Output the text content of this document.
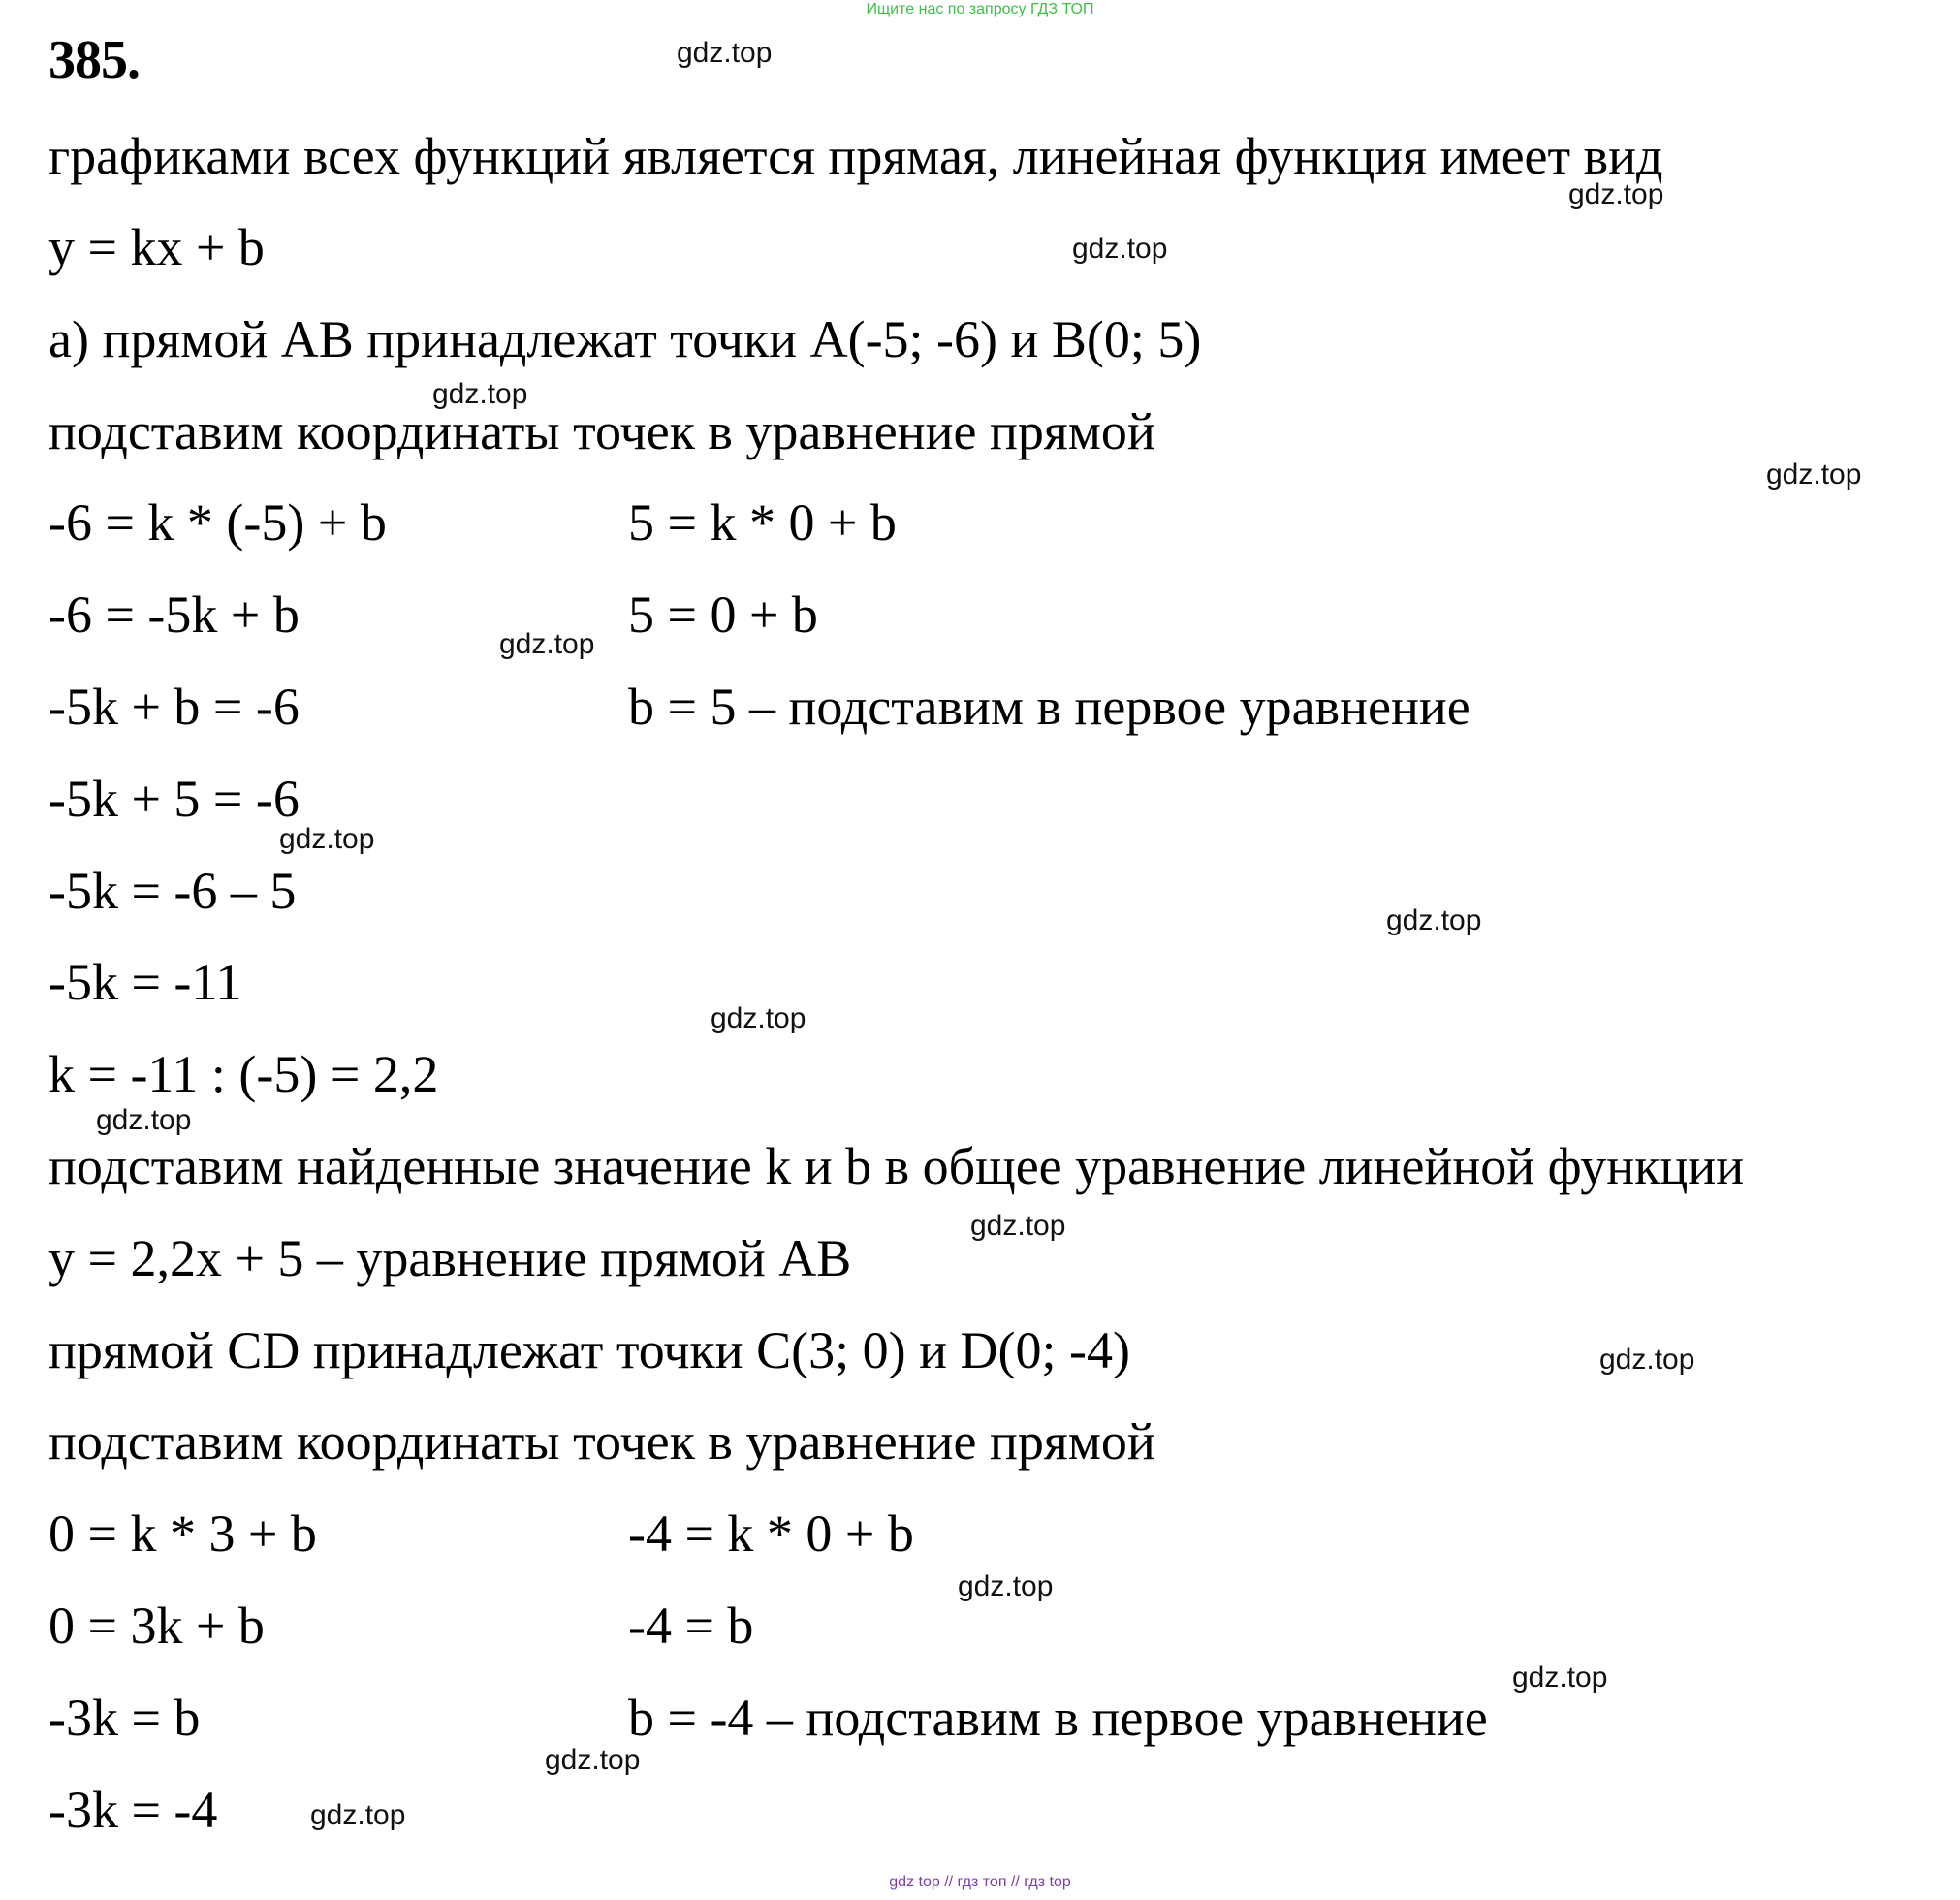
Ищите нас по запросу ГДЗ ТОП
385.
графиками всех функций является прямая, линейная функция имеет вид
y = kx + b
а) прямой AB принадлежат точки A(-5; -6) и B(0; 5)
подставим координаты точек в уравнение прямой
-6 = k * (-5) + b	5 = k * 0 + b
-6 = -5k + b	5 = 0 + b
-5k + b = -6	b = 5 – подставим в первое уравнение
-5k + 5 = -6
-5k = -6 – 5
-5k = -11
k = -11 : (-5) = 2,2
подставим найденные значение k и b в общее уравнение линейной функции
y = 2,2x + 5 – уравнение прямой AB
прямой CD принадлежат точки C(3; 0) и D(0; -4)
подставим координаты точек в уравнение прямой
0 = k * 3 + b	-4 = k * 0 + b
0 = 3k + b	-4 = b
-3k = b	b = -4 – подставим в первое уравнение
-3k = -4
gdz.top
gdz.top
gdz.top
gdz.top
gdz.top
gdz.top
gdz.top
gdz.top
gdz.top
gdz.top
gdz.top
gdz.top
gdz.top
gdz.top
gdz.top
gdz.top
gdz top // гдз топ // гдз top
